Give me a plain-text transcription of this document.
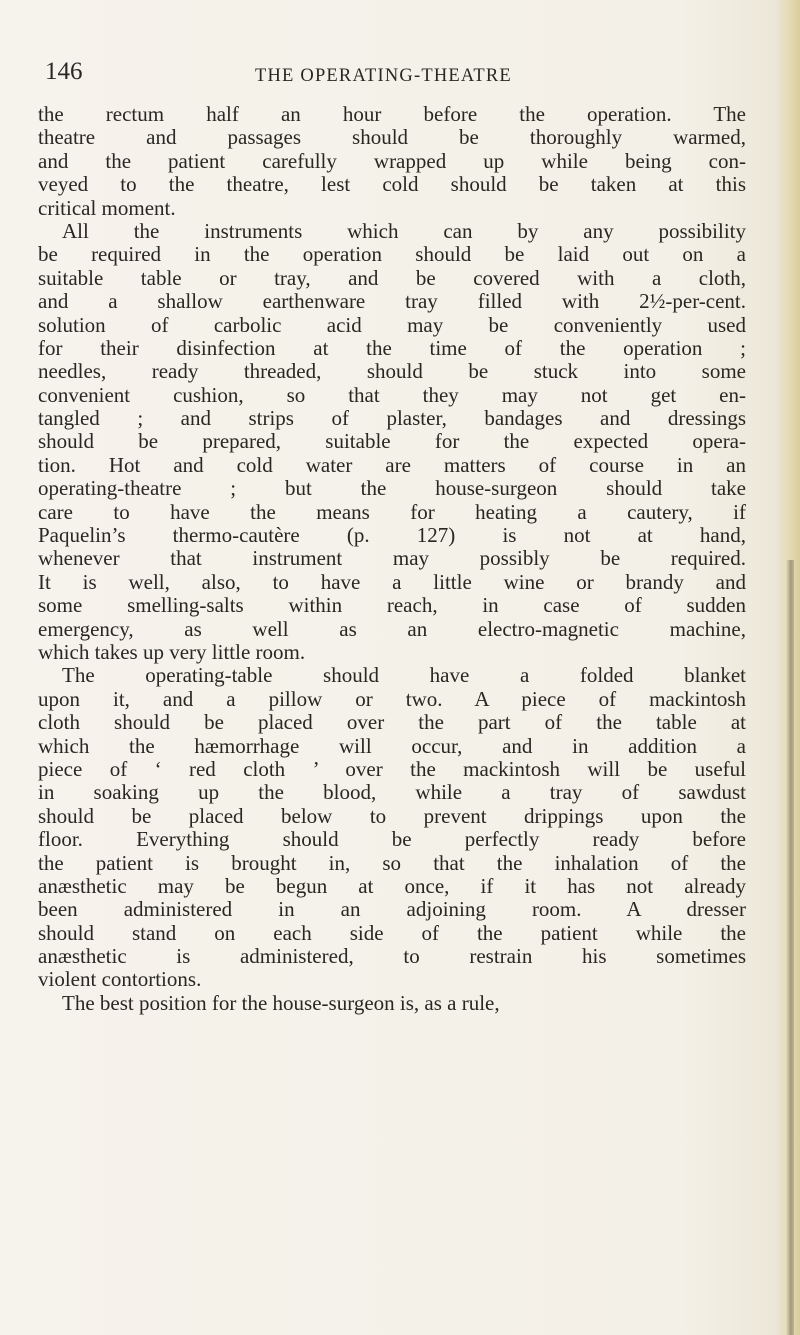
146	THE OPERATING-THEATRE
the rectum half an hour before the operation. The
theatre and passages should be thoroughly warmed,
and the patient carefully wrapped up while being con-
veyed to the theatre, lest cold should be taken at this
critical moment.
All the instruments which can by any possibility
be required in the operation should be laid out on a
suitable table or tray, and be covered with a cloth,
and a shallow earthenware tray filled with 2½-per-cent.
solution of carbolic acid may be conveniently used
for their disinfection at the time of the operation ;
needles, ready threaded, should be stuck into some
convenient cushion, so that they may not get en-
tangled ; and strips of plaster, bandages and dressings
should be prepared, suitable for the expected opera-
tion. Hot and cold water are matters of course in an
operating-theatre ; but the house-surgeon should take
care to have the means for heating a cautery, if
Paquelin’s thermo-cautère (p. 127) is not at hand,
whenever that instrument may possibly be required.
It is well, also, to have a little wine or brandy and
some smelling-salts within reach, in case of sudden
emergency, as well as an electro-magnetic machine,
which takes up very little room.
The operating-table should have a folded blanket
upon it, and a pillow or two. A piece of mackintosh
cloth should be placed over the part of the table at
which the hæmorrhage will occur, and in addition a
piece of ‘ red cloth ’ over the mackintosh will be useful
in soaking up the blood, while a tray of sawdust
should be placed below to prevent drippings upon the
floor. Everything should be perfectly ready before
the patient is brought in, so that the inhalation of the
anæsthetic may be begun at once, if it has not already
been administered in an adjoining room. A dresser
should stand on each side of the patient while the
anæsthetic is administered, to restrain his sometimes
violent contortions.
The best position for the house-surgeon is, as a rule,
